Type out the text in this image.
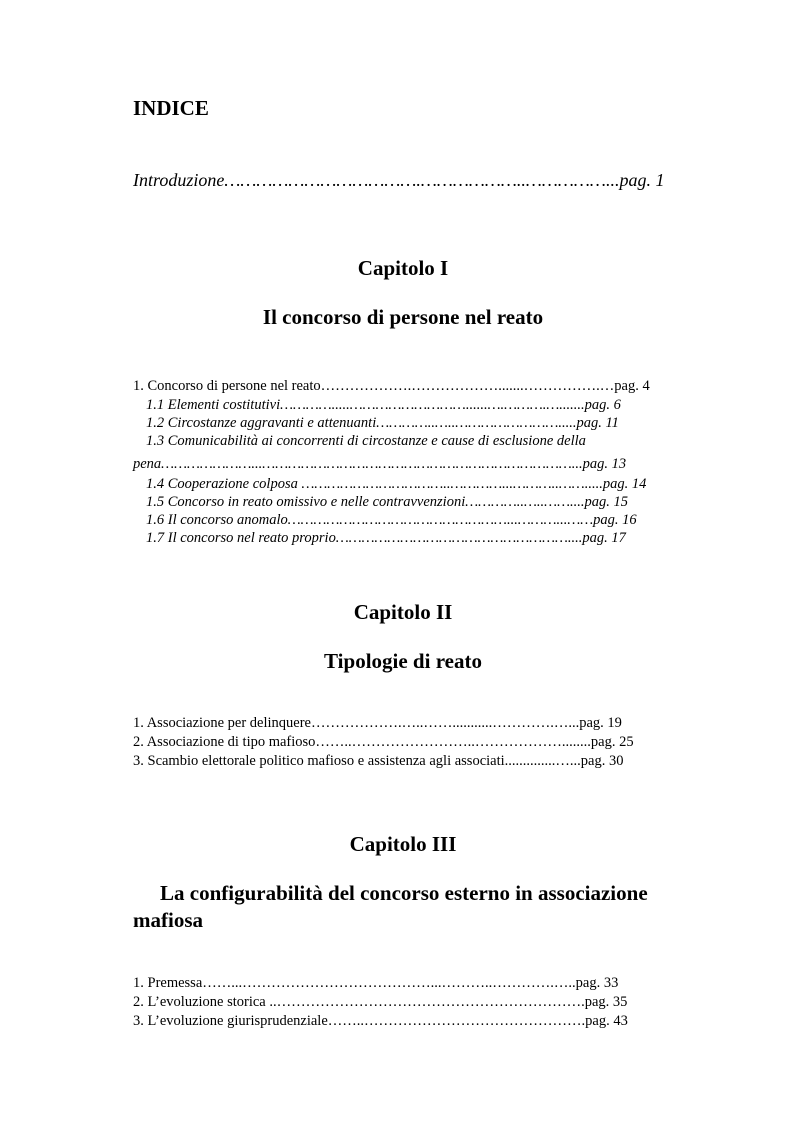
INDICE
Introduzione……………………………….………………..……………...pag. 1
Capitolo I
Il concorso di persone nel reato
1. Concorso di persone nel reato……………….……………….......…………….…pag. 4
1.1 Elementi costitutivi………….....………………………......….……….….......pag. 6
1.2 Circostanze aggravanti e attenuanti…………..…..…………………….....pag. 11
1.3 Comunicabilità ai concorrenti di circostanze e cause di esclusione della
pena…………………...………………………………………………………………...pag. 13
1.4 Cooperazione colposa ……………………………..…………...………..…….....pag. 14
1.5 Concorso in reato omissivo e nelle contravvenzioni…………..…..……....pag. 15
1.6 Il concorso anomalo……………………………………………...………...……pag. 16
1.7 Il concorso nel reato proprio………………………………………………....pag. 17
Capitolo II
Tipologie di reato
1. Associazione per delinquere……………….…..……...........………….…...pag. 19
2. Associazione di tipo mafioso……..……………………..………………........pag. 25
3. Scambio elettorale politico mafioso e assistenza agli associati..............…...pag. 30
Capitolo III
La configurabilità del concorso esterno in associazione mafiosa
1. Premessa……...…………………………………...………..………….…..pag. 33
2. L’evoluzione storica ..……………………………………………………….pag. 35
3. L’evoluzione giurisprudenziale……..……………………………………….pag. 43
